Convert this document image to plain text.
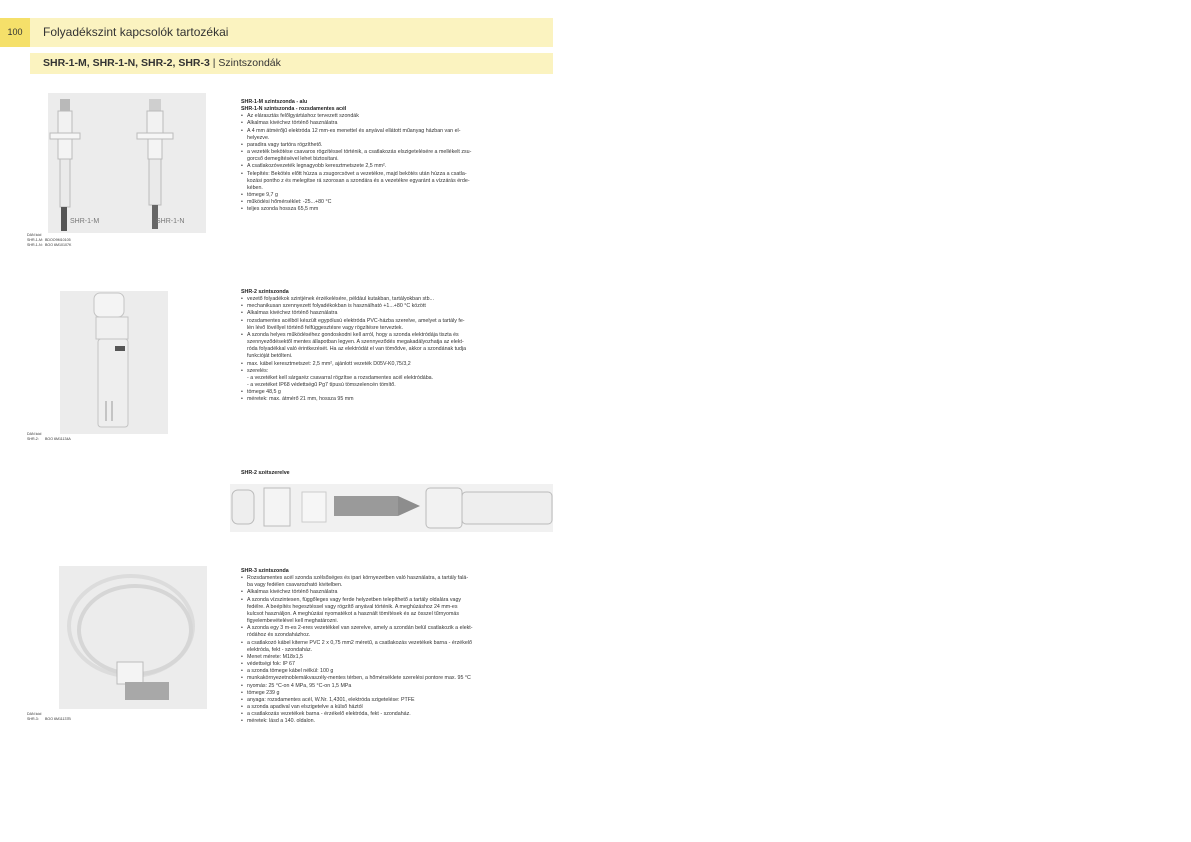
100	Folyadékszint kapcsolók tartozékai
SHR-1-M, SHR-1-N, SHR-2, SHR-3 | Szintszondák
SHR-1-M	SHR-1-N
DAN kód
SHR-1-M: BDOO9M10105
SHR-1-N: BOO 6M10107K
SHR-1-M szintszonda - alu
SHR-1-N szintszonda - rozsdamentes acél
• Az elárasztás felőlgyártáshoz tervezett szondák
• Alkalmas kivéchez történő használatra
• A 4 mm átmérőjű elektróda 12 mm-es menettel és anyával ellátott műanyag házban van el-
helyezve.
• paradira vagy tartóra rögzíthető.
• a vezeték bekötése csavaros rögzítéssel történik, a csatlakozás elszigetelésére a mellékelt zsu-
gorcső demegítésével lehet biztosítani.
• A csatlakozóvezeték legnagyobb keresztmetszete 2,5 mm².
• Telepítés: Bekötés előtt húzza a zsugorcsövet a vezetékre, majd bekötés után húzza a csatla-
kozási pontho z és melegítse rá szorosan a szondára és a vezetékre egyaránt a vízzárás érde-
kében.
• tömege 9,7 g
• működési hőmérséklet: -25...+80 °C
• teljes szonda hossza 65,5 mm
DAN kód
SHR-2:	BOO 6M11134A
SHR-2 szintszonda
• vezető folyadékok szintjének érzékelésére, például kutakban, tartályokban stb...
• mechanikusan szennyezett folyadékokban is használható +1...+80 °C között
• Alkalmas kivéchez történő használatra
• rozsdamentes acélból készült egypólusú elektróda PVC-házba szerelve, amelyet a tartály fe-
lén lévő lövéllyel történő felfüggesztésre vagy rögzítésre terveztek.
• A szonda helyes működéséhez gondoskodni kell arról, hogy a szonda elektródája tiszta és
szennyeződésektől mentes állapotban legyen. A szennyeződés megakadályozhatja az elekt-
róda folyadékkal való érintkezését. Ha az elektródát el van tömődve, akkor a szondának tudja
funkcióját betölteni.
• max. kábel keresztmetszet: 2,5 mm², ajánlott vezeték D05V-K0,75/3,2
• szerelés:
- a vezetéket kell sárgaréz csavarral rögzítse a rozsdamentes acél elektródába.
- a vezetéket IP68 védettségű Pg7 típusú tömszelencén tömítő.
• tömege 48,5 g
• méretek: max. átmérő 21 mm, hossza 95 mm
SHR-2 szétszerelve
DAN kód
SHR-3:	BOO 6M11137B
SHR-3 szintszonda
• Rozsdamentes acél szonda szélsőséges és ipari környezetben való használatra, a tartály falá-
ba vagy fedélen csavarozható kivitelben.
• Alkalmas kivéchez történő használatra
• A szonda vízszintesen, függőleges vagy ferde helyzetben telepíthető a tartály oldalára vagy
fedélre. A beépítés hegesztéssel vagy rögzítő anyával történik. A meghúzáshoz 24 mm-es
kulcsot használjon. A meghúzási nyomatékot a használt tömítések és az összel tűrnyomás
figyelembevételével kell meghatározni.
• A szonda egy 3 m-es 2-eres vezetékkel van szerelve, amely a szondán belül csatlakozik a elekt-
ródához és szondaházhoz.
• a csatlakozó kábel kiterne PVC 2 x 0,75 mm2 méretű, a csatlakozás vezetékek barna - érzékelő
elektróda, fekt - szondaház.
• Menet mérete: M18x1,5
• védettségi fok: IP 67
• a szonda tömege kábel nélkül: 100 g
• munkakörnyezetnoblemákvaszély-mentes térben, a hőmérséklete szerelési pontore max. 95 °C
• nyomás: 25 °C-on 4 MPa, 95 °C-on 1,5 MPa
• tömege 239 g
• anyaga: rozsdamentes acél, W.Nr. 1,4301, elektróda szigetelése: PTFE
• a szonda apadival van elszigetelve a külső háztól
• a csatlakozás vezetékek barna - érzékelő elektróda, fekt - szondaház.
• méretek: lásd a 140. oldalon.
